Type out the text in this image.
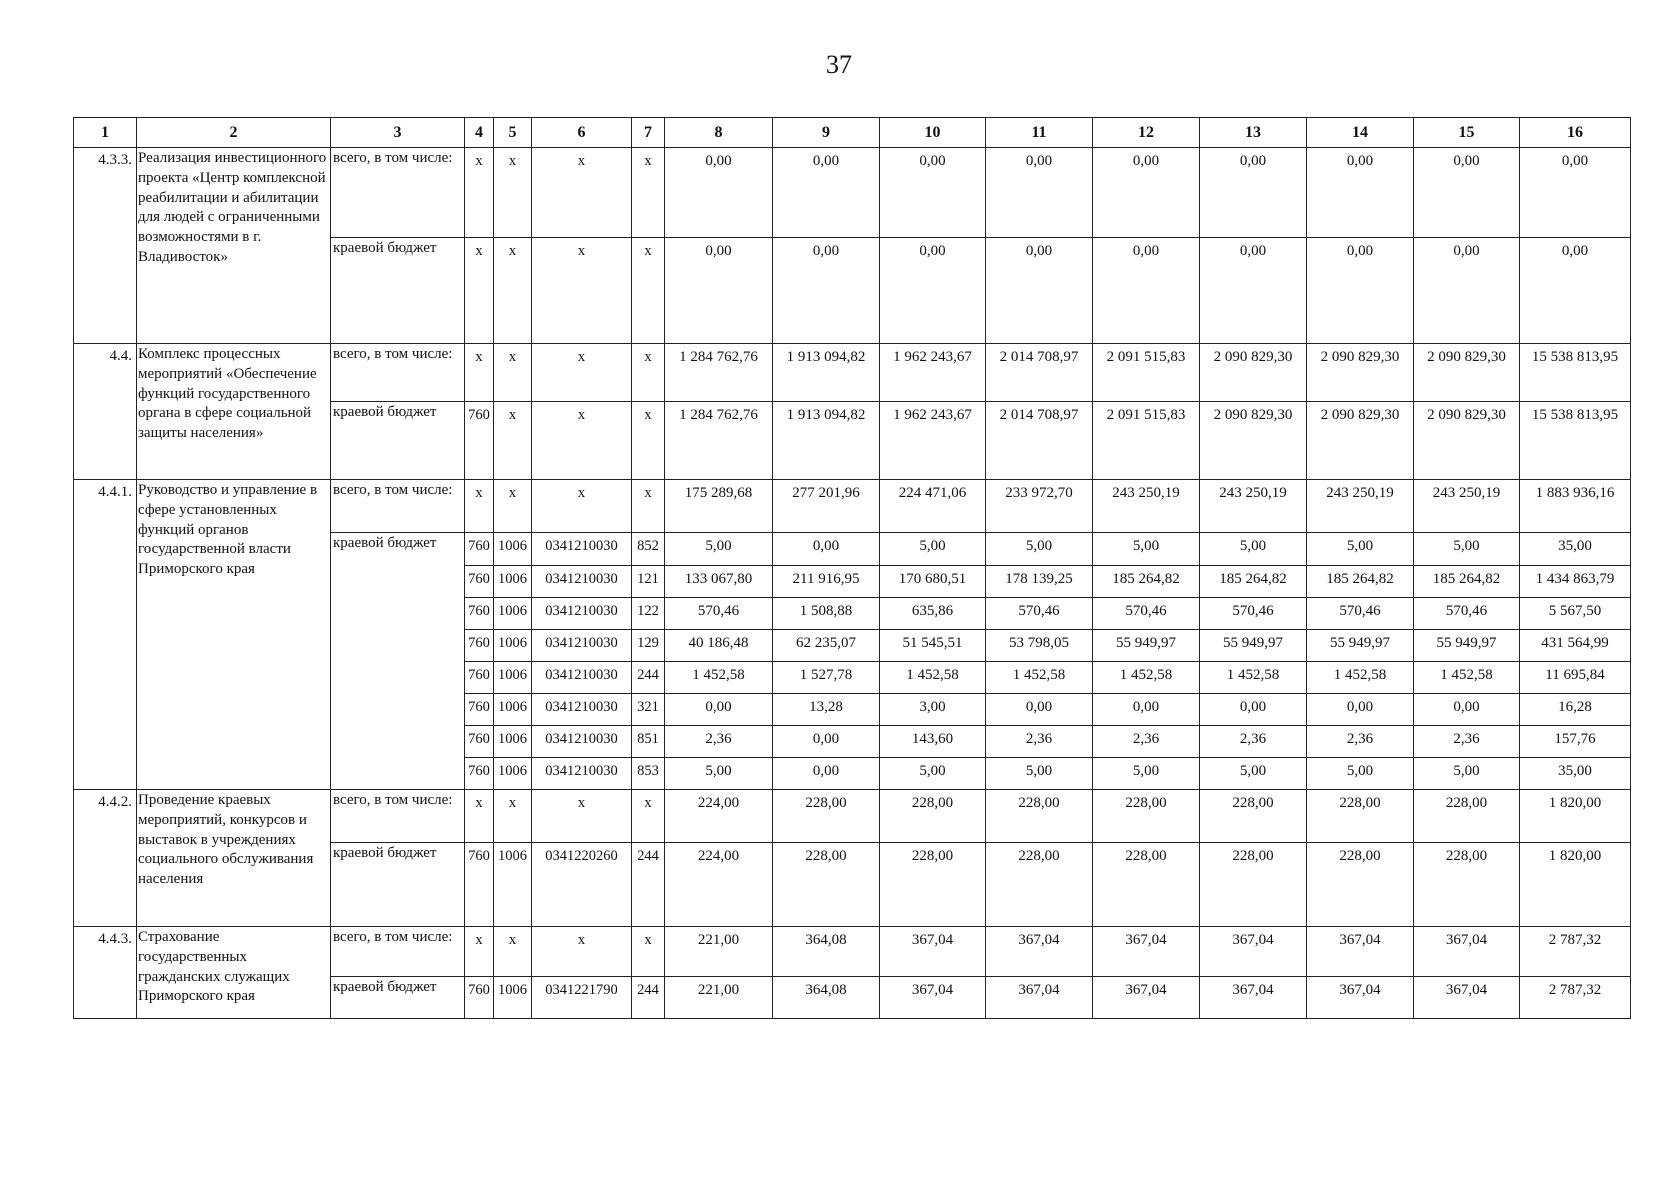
37
1	2	3	4	5	6	7	8	9	10	11	12	13	14	15	16
4.3.3.	Реализация инвестиционного проекта «Центр комплексной реабилитации и абилитации для людей с ограниченными возможностями в г. Владивосток»	всего, в том числе:	x	x	x	x	0,00	0,00	0,00	0,00	0,00	0,00	0,00	0,00	0,00
		краевой бюджет	x	x	x	x	0,00	0,00	0,00	0,00	0,00	0,00	0,00	0,00	0,00
4.4.	Комплекс процессных мероприятий «Обеспечение функций государственного органа в сфере социальной защиты населения»	всего, в том числе:	x	x	x	x	1 284 762,76	1 913 094,82	1 962 243,67	2 014 708,97	2 091 515,83	2 090 829,30	2 090 829,30	2 090 829,30	15 538 813,95
		краевой бюджет	760	x	x	x	1 284 762,76	1 913 094,82	1 962 243,67	2 014 708,97	2 091 515,83	2 090 829,30	2 090 829,30	2 090 829,30	15 538 813,95
4.4.1.	Руководство и управление в сфере установленных функций органов государственной власти Приморского края	всего, в том числе:	x	x	x	x	175 289,68	277 201,96	224 471,06	233 972,70	243 250,19	243 250,19	243 250,19	243 250,19	1 883 936,16
		краевой бюджет	760	1006	0341210030	852	5,00	0,00	5,00	5,00	5,00	5,00	5,00	5,00	35,00
			760	1006	0341210030	121	133 067,80	211 916,95	170 680,51	178 139,25	185 264,82	185 264,82	185 264,82	185 264,82	1 434 863,79
			760	1006	0341210030	122	570,46	1 508,88	635,86	570,46	570,46	570,46	570,46	570,46	5 567,50
			760	1006	0341210030	129	40 186,48	62 235,07	51 545,51	53 798,05	55 949,97	55 949,97	55 949,97	55 949,97	431 564,99
			760	1006	0341210030	244	1 452,58	1 527,78	1 452,58	1 452,58	1 452,58	1 452,58	1 452,58	1 452,58	11 695,84
			760	1006	0341210030	321	0,00	13,28	3,00	0,00	0,00	0,00	0,00	0,00	16,28
			760	1006	0341210030	851	2,36	0,00	143,60	2,36	2,36	2,36	2,36	2,36	157,76
			760	1006	0341210030	853	5,00	0,00	5,00	5,00	5,00	5,00	5,00	5,00	35,00
4.4.2.	Проведение краевых мероприятий, конкурсов и выставок в учреждениях социального обслуживания населения	всего, в том числе:	x	x	x	x	224,00	228,00	228,00	228,00	228,00	228,00	228,00	228,00	1 820,00
		краевой бюджет	760	1006	0341220260	244	224,00	228,00	228,00	228,00	228,00	228,00	228,00	228,00	1 820,00
4.4.3.	Страхование государственных гражданских служащих Приморского края	всего, в том числе:	x	x	x	x	221,00	364,08	367,04	367,04	367,04	367,04	367,04	367,04	2 787,32
		краевой бюджет	760	1006	0341221790	244	221,00	364,08	367,04	367,04	367,04	367,04	367,04	367,04	2 787,32
